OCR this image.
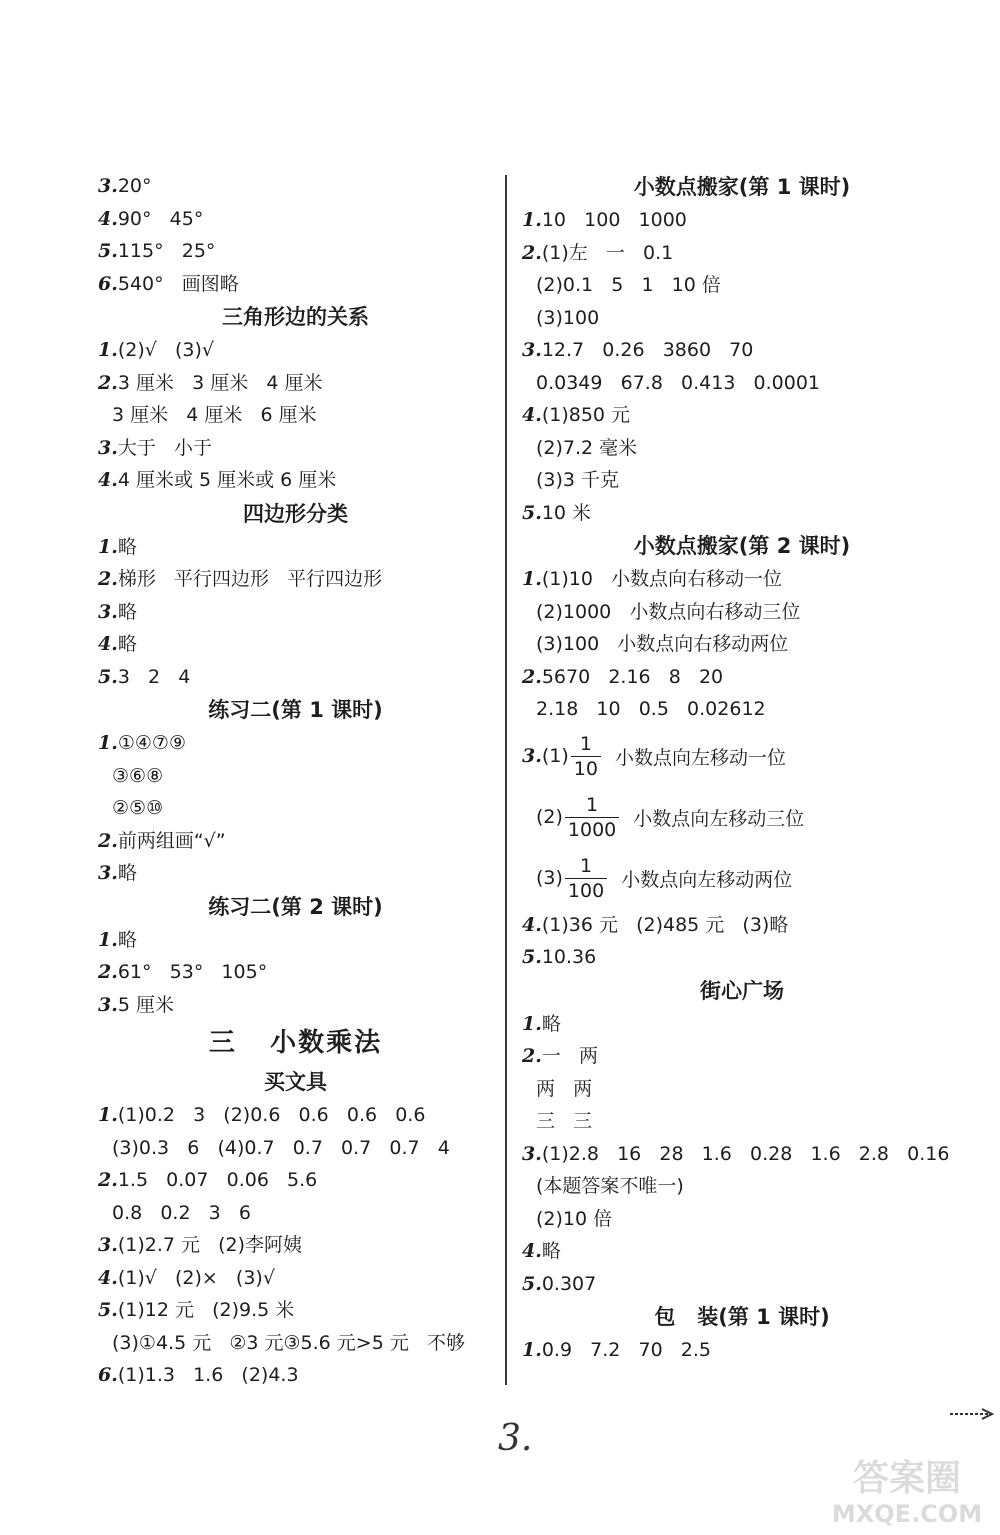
3.20°
4.90°   45°
5.115°   25°
6.540°   画图略
三角形边的关系
1.(2)√   (3)√
2.3 厘米   3 厘米   4 厘米
3 厘米   4 厘米   6 厘米
3.大于   小于
4.4 厘米或 5 厘米或 6 厘米
四边形分类
1.略
2.梯形   平行四边形   平行四边形
3.略
4.略
5.3   2   4
练习二(第 1 课时)
1.①④⑦⑨
③⑥⑧
②⑤⑩
2.前两组画“√”
3.略
练习二(第 2 课时)
1.略
2.61°   53°   105°
3.5 厘米
三   小数乘法
买文具
1.(1)0.2   3   (2)0.6   0.6   0.6   0.6
(3)0.3   6   (4)0.7   0.7   0.7   0.7   4
2.1.5   0.07   0.06   5.6
0.8   0.2   3   6
3.(1)2.7 元   (2)李阿姨
4.(1)√   (2)×   (3)√
5.(1)12 元   (2)9.5 米
(3)①4.5 元   ②3 元③5.6 元>5 元   不够
6.(1)1.3   1.6   (2)4.3
小数点搬家(第 1 课时)
1.10   100   1000
2.(1)左   一   0.1
(2)0.1   5   1   10 倍
(3)100
3.12.7   0.26   3860   70
0.0349   67.8   0.413   0.0001
4.(1)850 元
(2)7.2 毫米
(3)3 千克
5.10 米
小数点搬家(第 2 课时)
1.(1)10   小数点向右移动一位
(2)1000   小数点向右移动三位
(3)100   小数点向右移动两位
2.5670   2.16   8   20
2.18   10   0.5   0.02612
3. $(1) \frac{1}{10}$ 小数点向左移动一位
$(2) \frac{1}{1000}$ 小数点向左移动三位
$(3) \frac{1}{100}$ 小数点向左移动两位
4.(1)36 元   (2)485 元   (3)略
5.10.36
街心广场
1.略
2.一   两
两   两
三   三
3.(1)2.8   16   28   1.6   0.28   1.6   2.8   0.16
(本题答案不唯一)
(2)10 倍
4.略
5.0.307
包   装(第 1 课时)
1.0.9   7.2   70   2.5
3.
答案圈
MXQE.COM
